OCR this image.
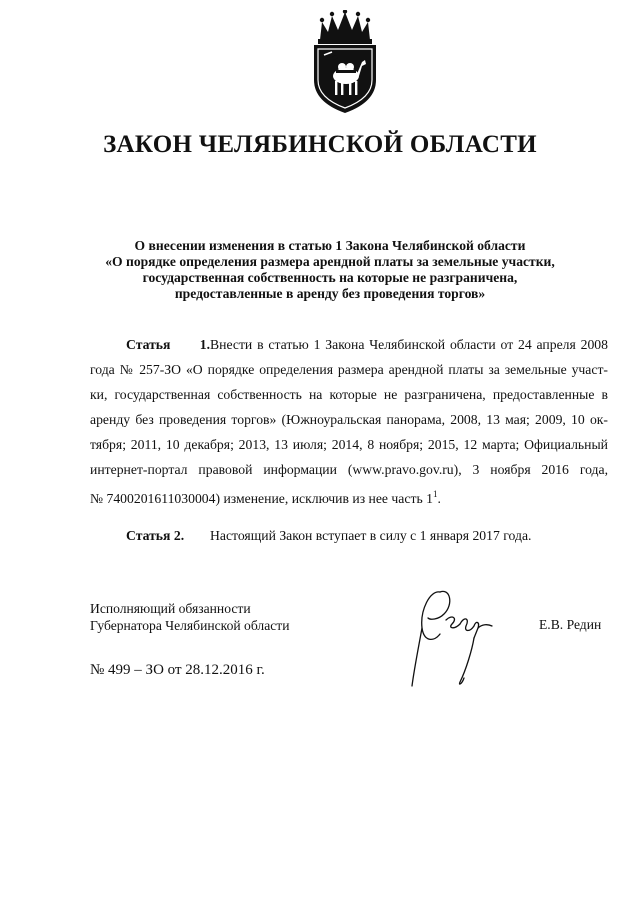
ЗАКОН ЧЕЛЯБИНСКОЙ ОБЛАСТИ
О внесении изменения в статью 1 Закона Челябинской области
«О порядке определения размера арендной платы за земельные участки,
государственная собственность на которые не разграничена,
предоставленные в аренду без проведения торгов»
Статья 1.Внести в статью 1 Закона Челябинской области от 24 апреля 2008
года № 257-ЗО «О порядке определения размера арендной платы за земельные участ-
ки, государственная собственность на которые не разграничена, предоставленные в
аренду без проведения торгов» (Южноуральская панорама, 2008, 13 мая; 2009, 10 ок-
тября; 2011, 10 декабря; 2013, 13 июля; 2014, 8 ноября; 2015, 12 марта; Официальный
интернет-портал правовой информации (www.pravo.gov.ru), 3 ноября 2016 года,
№ 7400201611030004) изменение, исключив из нее часть $1^1$.
Статья 2. Настоящий Закон вступает в силу с 1 января 2017 года.
Исполняющий обязанности
Губернатора Челябинской области	Е.В. Редин
№ 499 – ЗО от 28.12.2016 г.
